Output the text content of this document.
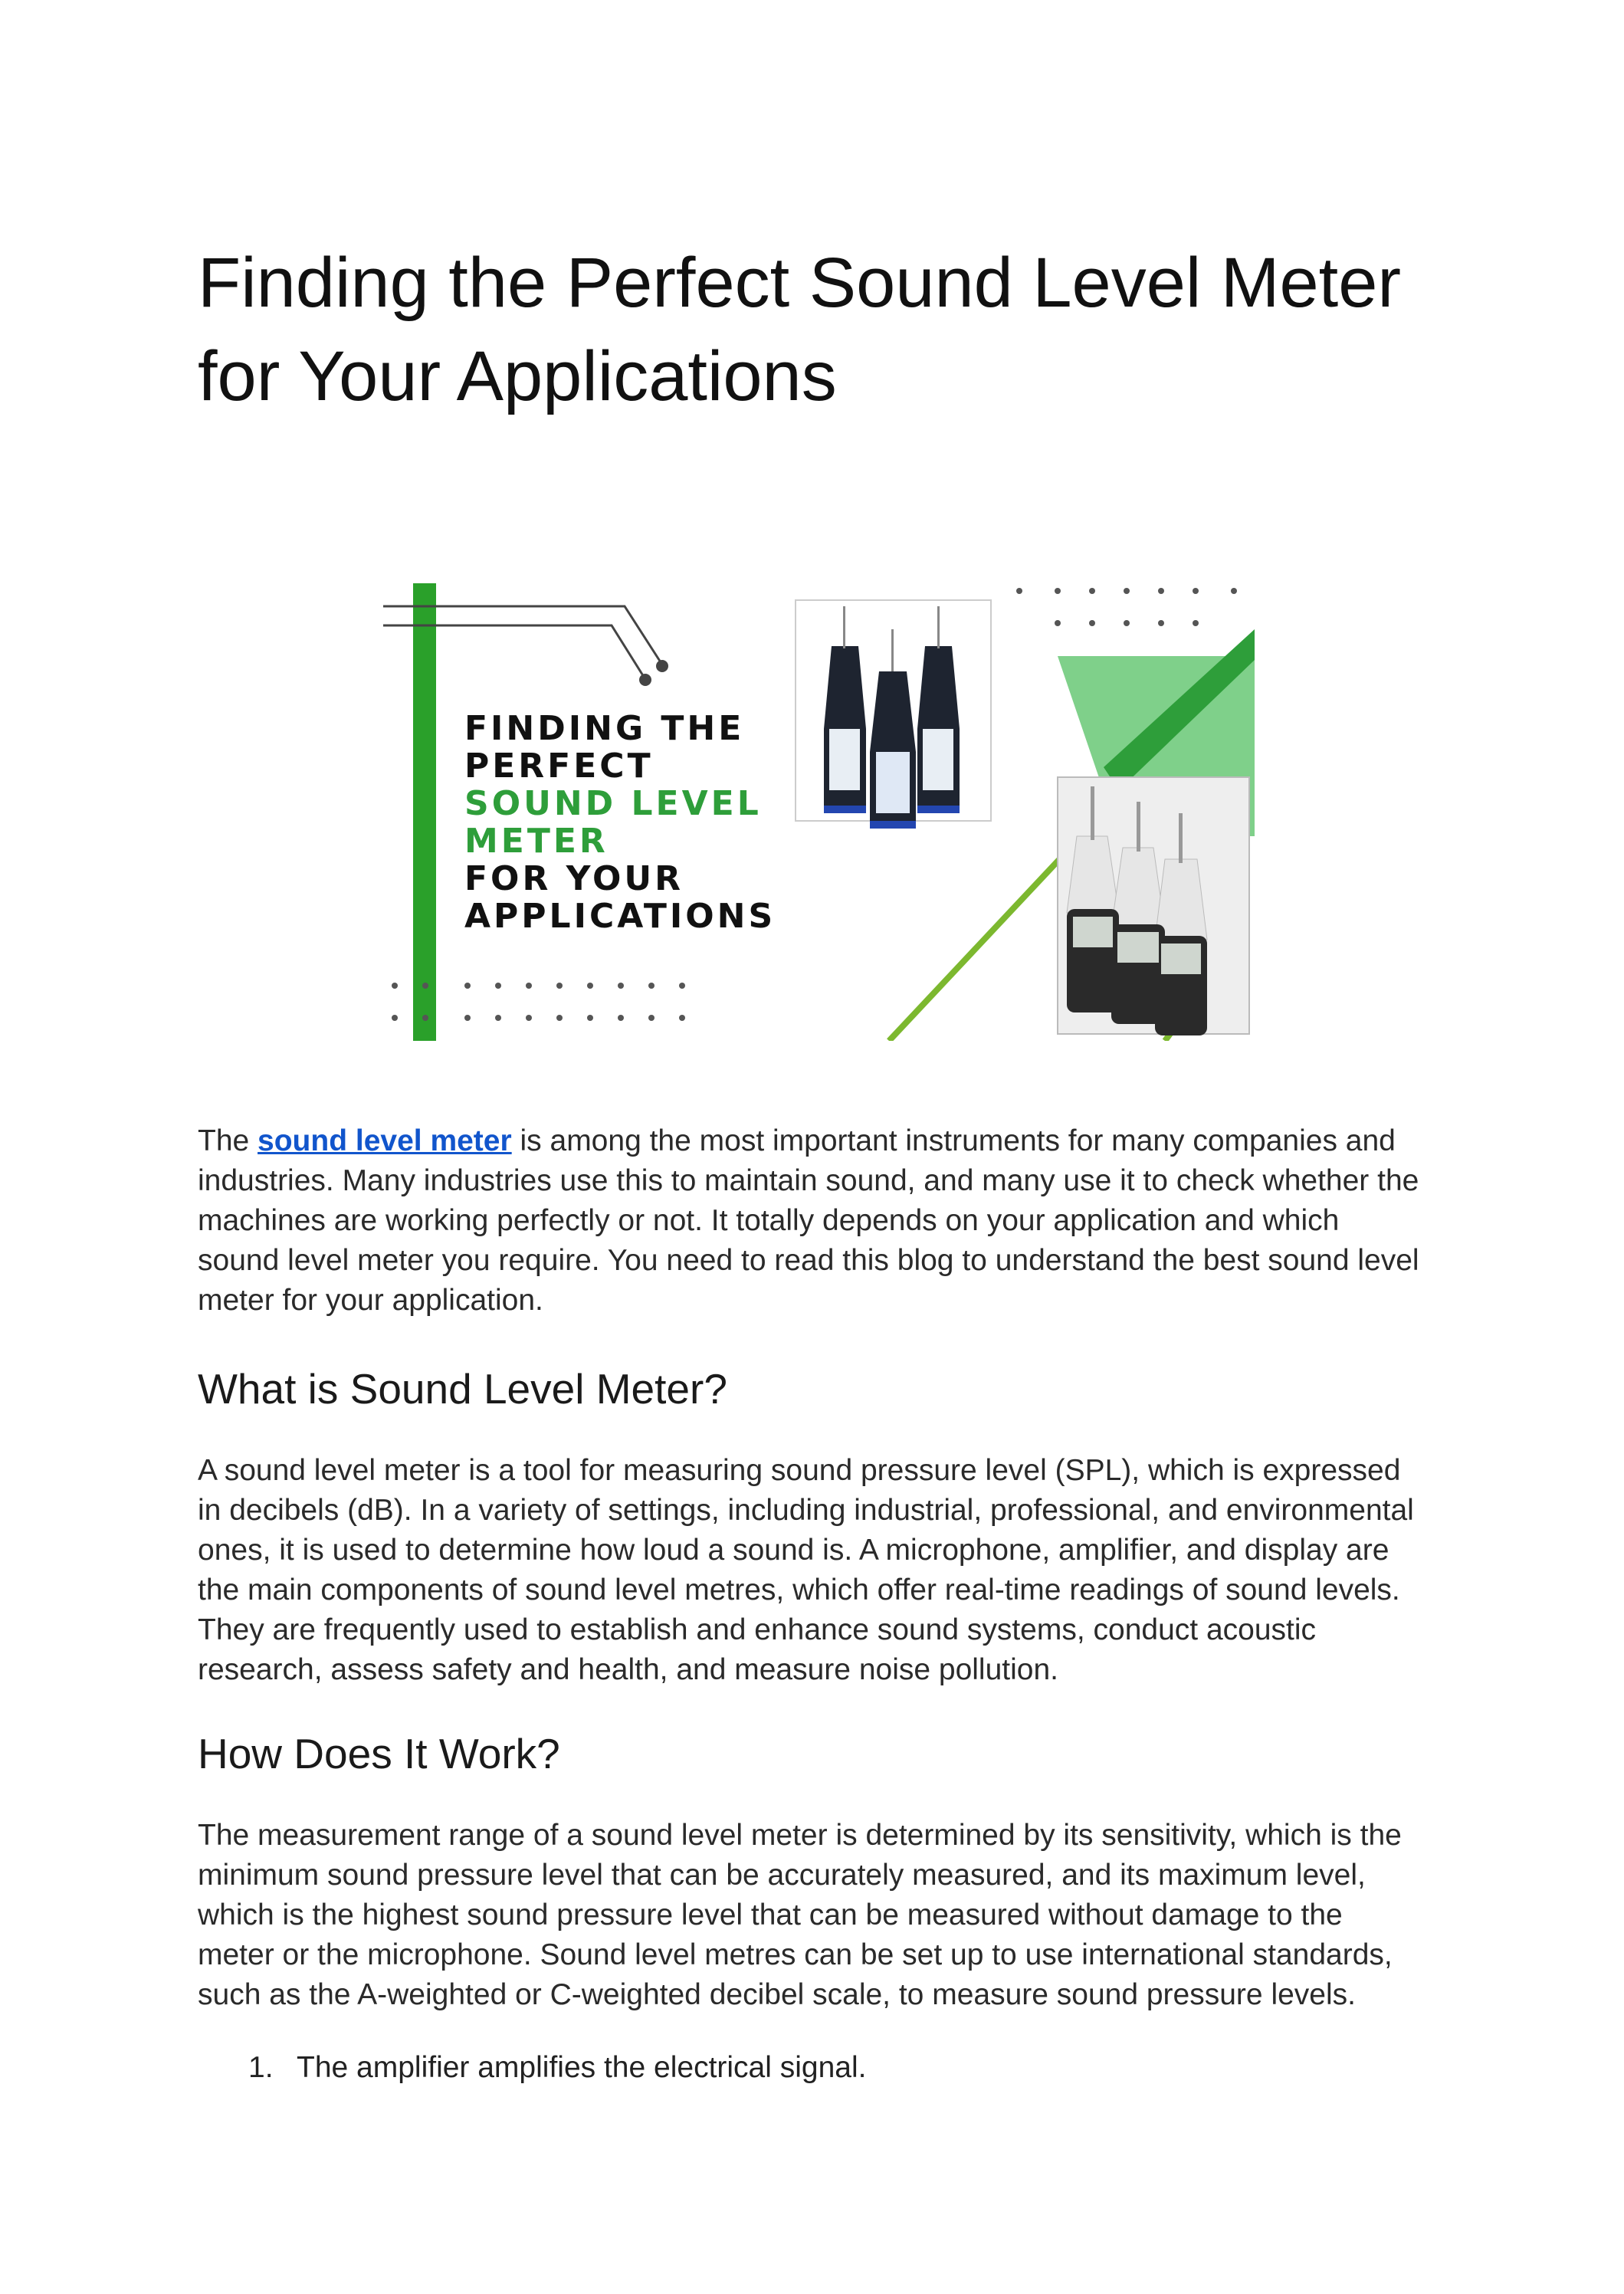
Finding the Perfect Sound Level Meter
for Your Applications
FINDING THE
PERFECT
SOUND LEVEL
METER
FOR YOUR
APPLICATIONS
The sound level meter is among the most important instruments for many companies and
industries. Many industries use this to maintain sound, and many use it to check whether the
machines are working perfectly or not. It totally depends on your application and which
sound level meter you require. You need to read this blog to understand the best sound level
meter for your application.
What is Sound Level Meter?
A sound level meter is a tool for measuring sound pressure level (SPL), which is expressed
in decibels (dB). In a variety of settings, including industrial, professional, and environmental
ones, it is used to determine how loud a sound is. A microphone, amplifier, and display are
the main components of sound level metres, which offer real-time readings of sound levels.
They are frequently used to establish and enhance sound systems, conduct acoustic
research, assess safety and health, and measure noise pollution.
How Does It Work?
The measurement range of a sound level meter is determined by its sensitivity, which is the
minimum sound pressure level that can be accurately measured, and its maximum level,
which is the highest sound pressure level that can be measured without damage to the
meter or the microphone. Sound level metres can be set up to use international standards,
such as the A-weighted or C-weighted decibel scale, to measure sound pressure levels.
1. The amplifier amplifies the electrical signal.
